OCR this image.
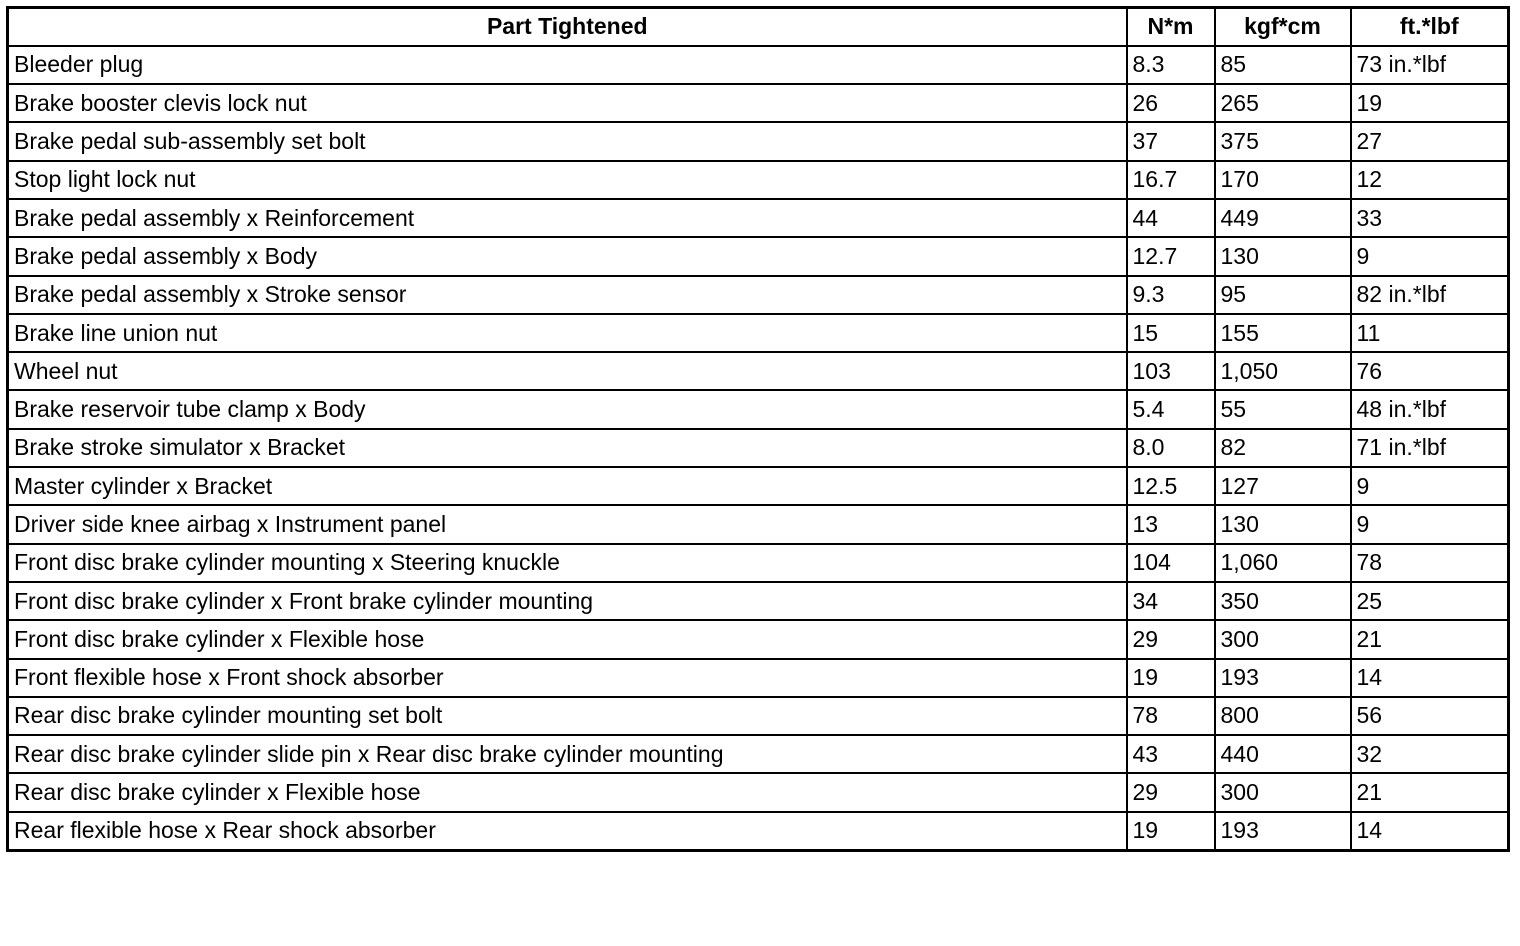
Part Tightened	N*m	kgf*cm	ft.*lbf
Bleeder plug	8.3	85	73 in.*lbf
Brake booster clevis lock nut	26	265	19
Brake pedal sub-assembly set bolt	37	375	27
Stop light lock nut	16.7	170	12
Brake pedal assembly x Reinforcement	44	449	33
Brake pedal assembly x Body	12.7	130	9
Brake pedal assembly x Stroke sensor	9.3	95	82 in.*lbf
Brake line union nut	15	155	11
Wheel nut	103	1,050	76
Brake reservoir tube clamp x Body	5.4	55	48 in.*lbf
Brake stroke simulator x Bracket	8.0	82	71 in.*lbf
Master cylinder x Bracket	12.5	127	9
Driver side knee airbag x Instrument panel	13	130	9
Front disc brake cylinder mounting x Steering knuckle	104	1,060	78
Front disc brake cylinder x Front brake cylinder mounting	34	350	25
Front disc brake cylinder x Flexible hose	29	300	21
Front flexible hose x Front shock absorber	19	193	14
Rear disc brake cylinder mounting set bolt	78	800	56
Rear disc brake cylinder slide pin x Rear disc brake cylinder mounting	43	440	32
Rear disc brake cylinder x Flexible hose	29	300	21
Rear flexible hose x Rear shock absorber	19	193	14
